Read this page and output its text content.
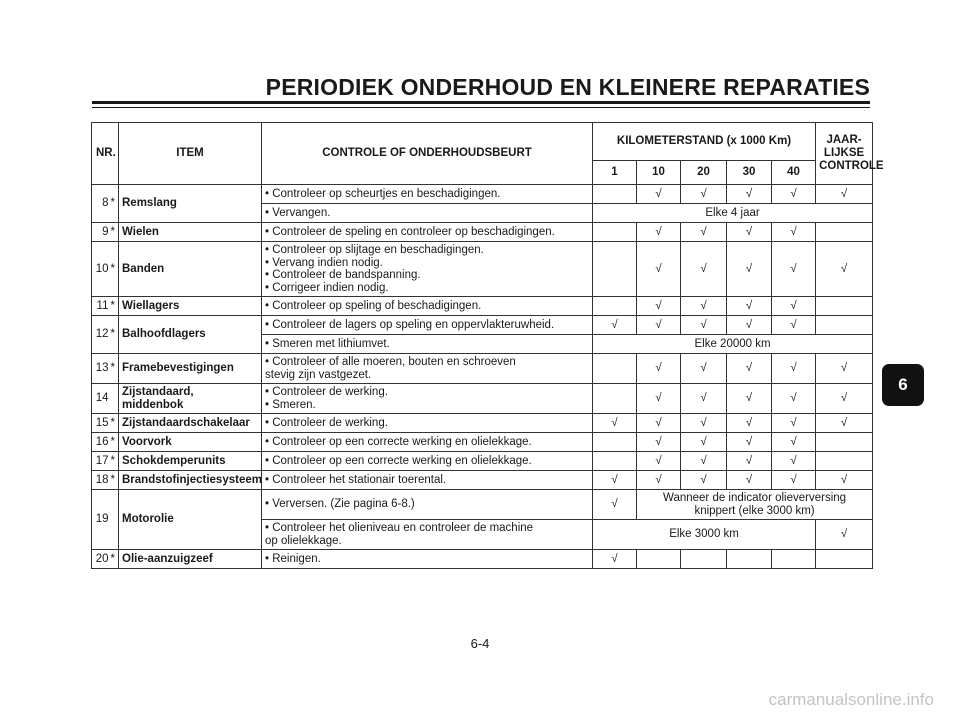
PERIODIEK ONDERHOUD EN KLEINERE REPARATIES
6
NR.		ITEM	CONTROLE OF ONDERHOUDSBEURT	KILOMETERSTAND (x 1000 Km)					JAAR-
LIJKSE
CONTROLE
				1	10	20	30	40	
8	*	Remslang	• Controleer op scheurtjes en beschadigingen.		√	√	√	√	√
			• Vervangen.	Elke 4 jaar					
9	*	Wielen	• Controleer de speling en controleer op beschadigingen.		√	√	√	√	
10	*	Banden	• Controleer op slijtage en beschadigingen.
• Vervang indien nodig.
• Controleer de bandspanning.
• Corrigeer indien nodig.		√	√	√	√	√
11	*	Wiellagers	• Controleer op speling of beschadigingen.		√	√	√	√	
12	*	Balhoofdlagers	• Controleer de lagers op speling en oppervlakteruwheid.	√	√	√	√	√	
			• Smeren met lithiumvet.	Elke 20000 km					
13	*	Framebevestigingen	• Controleer of alle moeren, bouten en schroeven
stevig zijn vastgezet.		√	√	√	√	√
14		Zijstandaard,
middenbok	• Controleer de werking.
• Smeren.		√	√	√	√	√
15	*	Zijstandaardschakelaar	• Controleer de werking.	√	√	√	√	√	√
16	*	Voorvork	• Controleer op een correcte werking en olielekkage.		√	√	√	√	
17	*	Schokdemperunits	• Controleer op een correcte werking en olielekkage.		√	√	√	√	
18	*	Brandstofinjectiesysteem	• Controleer het stationair toerental.	√	√	√	√	√	√
19		Motorolie	• Verversen. (Zie pagina 6-8.)	√	Wanneer de indicator olieverversing
knippert (elke 3000 km)				
			• Controleer het olieniveau en controleer de machine
op olielekkage.	Elke 3000 km					√
20	*	Olie-aanzuigzeef	• Reinigen.	√					
6-4
carmanualsonline.info
